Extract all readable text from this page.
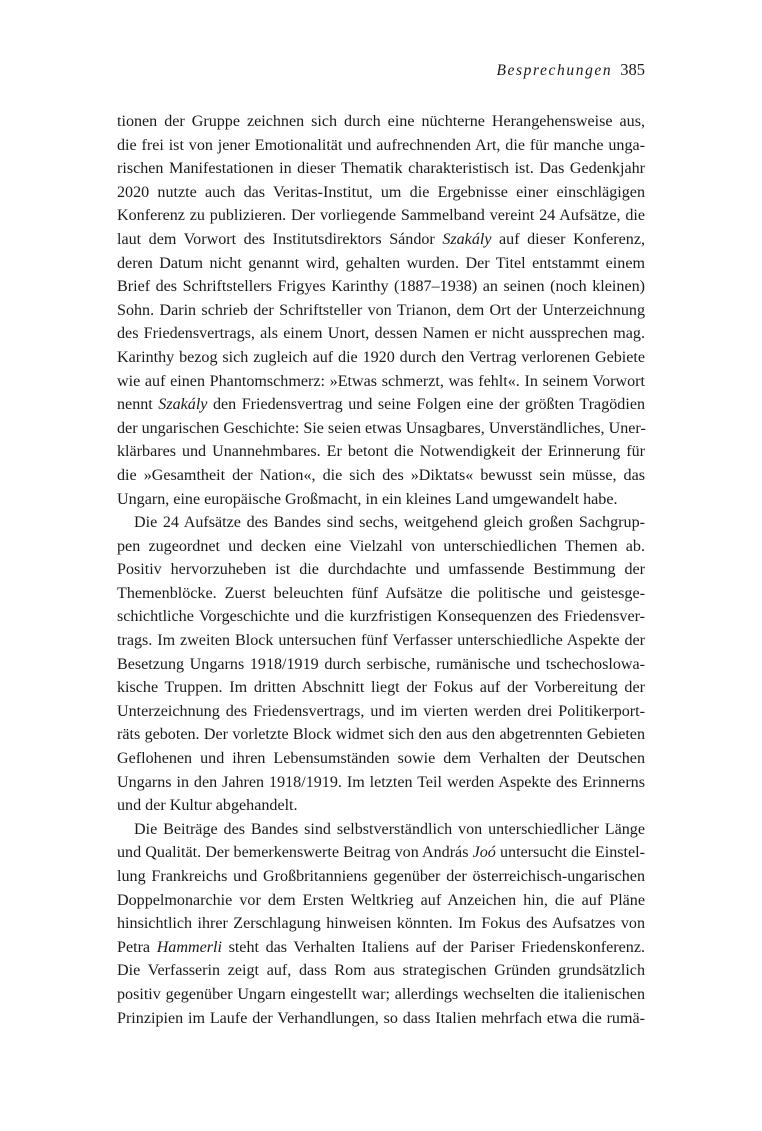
Besprechungen 385

tionen der Gruppe zeichnen sich durch eine nüchterne Herangehensweise aus,
die frei ist von jener Emotionalität und aufrechnenden Art, die für manche unga-
rischen Manifestationen in dieser Thematik charakteristisch ist. Das Gedenkjahr
2020 nutzte auch das Veritas-Institut, um die Ergebnisse einer einschlägigen
Konferenz zu publizieren. Der vorliegende Sammelband vereint 24 Aufsätze, die
laut dem Vorwort des Institutsdirektors Sándor Szakály auf dieser Konferenz,
deren Datum nicht genannt wird, gehalten wurden. Der Titel entstammt einem
Brief des Schriftstellers Frigyes Karinthy (1887–1938) an seinen (noch kleinen)
Sohn. Darin schrieb der Schriftsteller von Trianon, dem Ort der Unterzeichnung
des Friedensvertrags, als einem Unort, dessen Namen er nicht aussprechen mag.
Karinthy bezog sich zugleich auf die 1920 durch den Vertrag verlorenen Gebiete
wie auf einen Phantomschmerz: »Etwas schmerzt, was fehlt«. In seinem Vorwort
nennt Szakály den Friedensvertrag und seine Folgen eine der größten Tragödien
der ungarischen Geschichte: Sie seien etwas Unsagbares, Unverständliches, Uner-
klärbares und Unannehmbares. Er betont die Notwendigkeit der Erinnerung für
die »Gesamtheit der Nation«, die sich des »Diktats« bewusst sein müsse, das
Ungarn, eine europäische Großmacht, in ein kleines Land umgewandelt habe.

Die 24 Aufsätze des Bandes sind sechs, weitgehend gleich großen Sachgrup-
pen zugeordnet und decken eine Vielzahl von unterschiedlichen Themen ab.
Positiv hervorzuheben ist die durchdachte und umfassende Bestimmung der
Themenblöcke. Zuerst beleuchten fünf Aufsätze die politische und geistesge-
schichtliche Vorgeschichte und die kurzfristigen Konsequenzen des Friedensver-
trags. Im zweiten Block untersuchen fünf Verfasser unterschiedliche Aspekte der
Besetzung Ungarns 1918/1919 durch serbische, rumänische und tschechoslowa-
kische Truppen. Im dritten Abschnitt liegt der Fokus auf der Vorbereitung der
Unterzeichnung des Friedensvertrags, und im vierten werden drei Politikerport-
räts geboten. Der vorletzte Block widmet sich den aus den abgetrennten Gebieten
Geflohenen und ihren Lebensumständen sowie dem Verhalten der Deutschen
Ungarns in den Jahren 1918/1919. Im letzten Teil werden Aspekte des Erinnerns
und der Kultur abgehandelt.

Die Beiträge des Bandes sind selbstverständlich von unterschiedlicher Länge
und Qualität. Der bemerkenswerte Beitrag von András Joó untersucht die Einstel-
lung Frankreichs und Großbritanniens gegenüber der österreichisch-ungarischen
Doppelmonarchie vor dem Ersten Weltkrieg auf Anzeichen hin, die auf Pläne
hinsichtlich ihrer Zerschlagung hinweisen könnten. Im Fokus des Aufsatzes von
Petra Hammerli steht das Verhalten Italiens auf der Pariser Friedenskonferenz.
Die Verfasserin zeigt auf, dass Rom aus strategischen Gründen grundsätzlich
positiv gegenüber Ungarn eingestellt war; allerdings wechselten die italienischen
Prinzipien im Laufe der Verhandlungen, so dass Italien mehrfach etwa die rumä-
